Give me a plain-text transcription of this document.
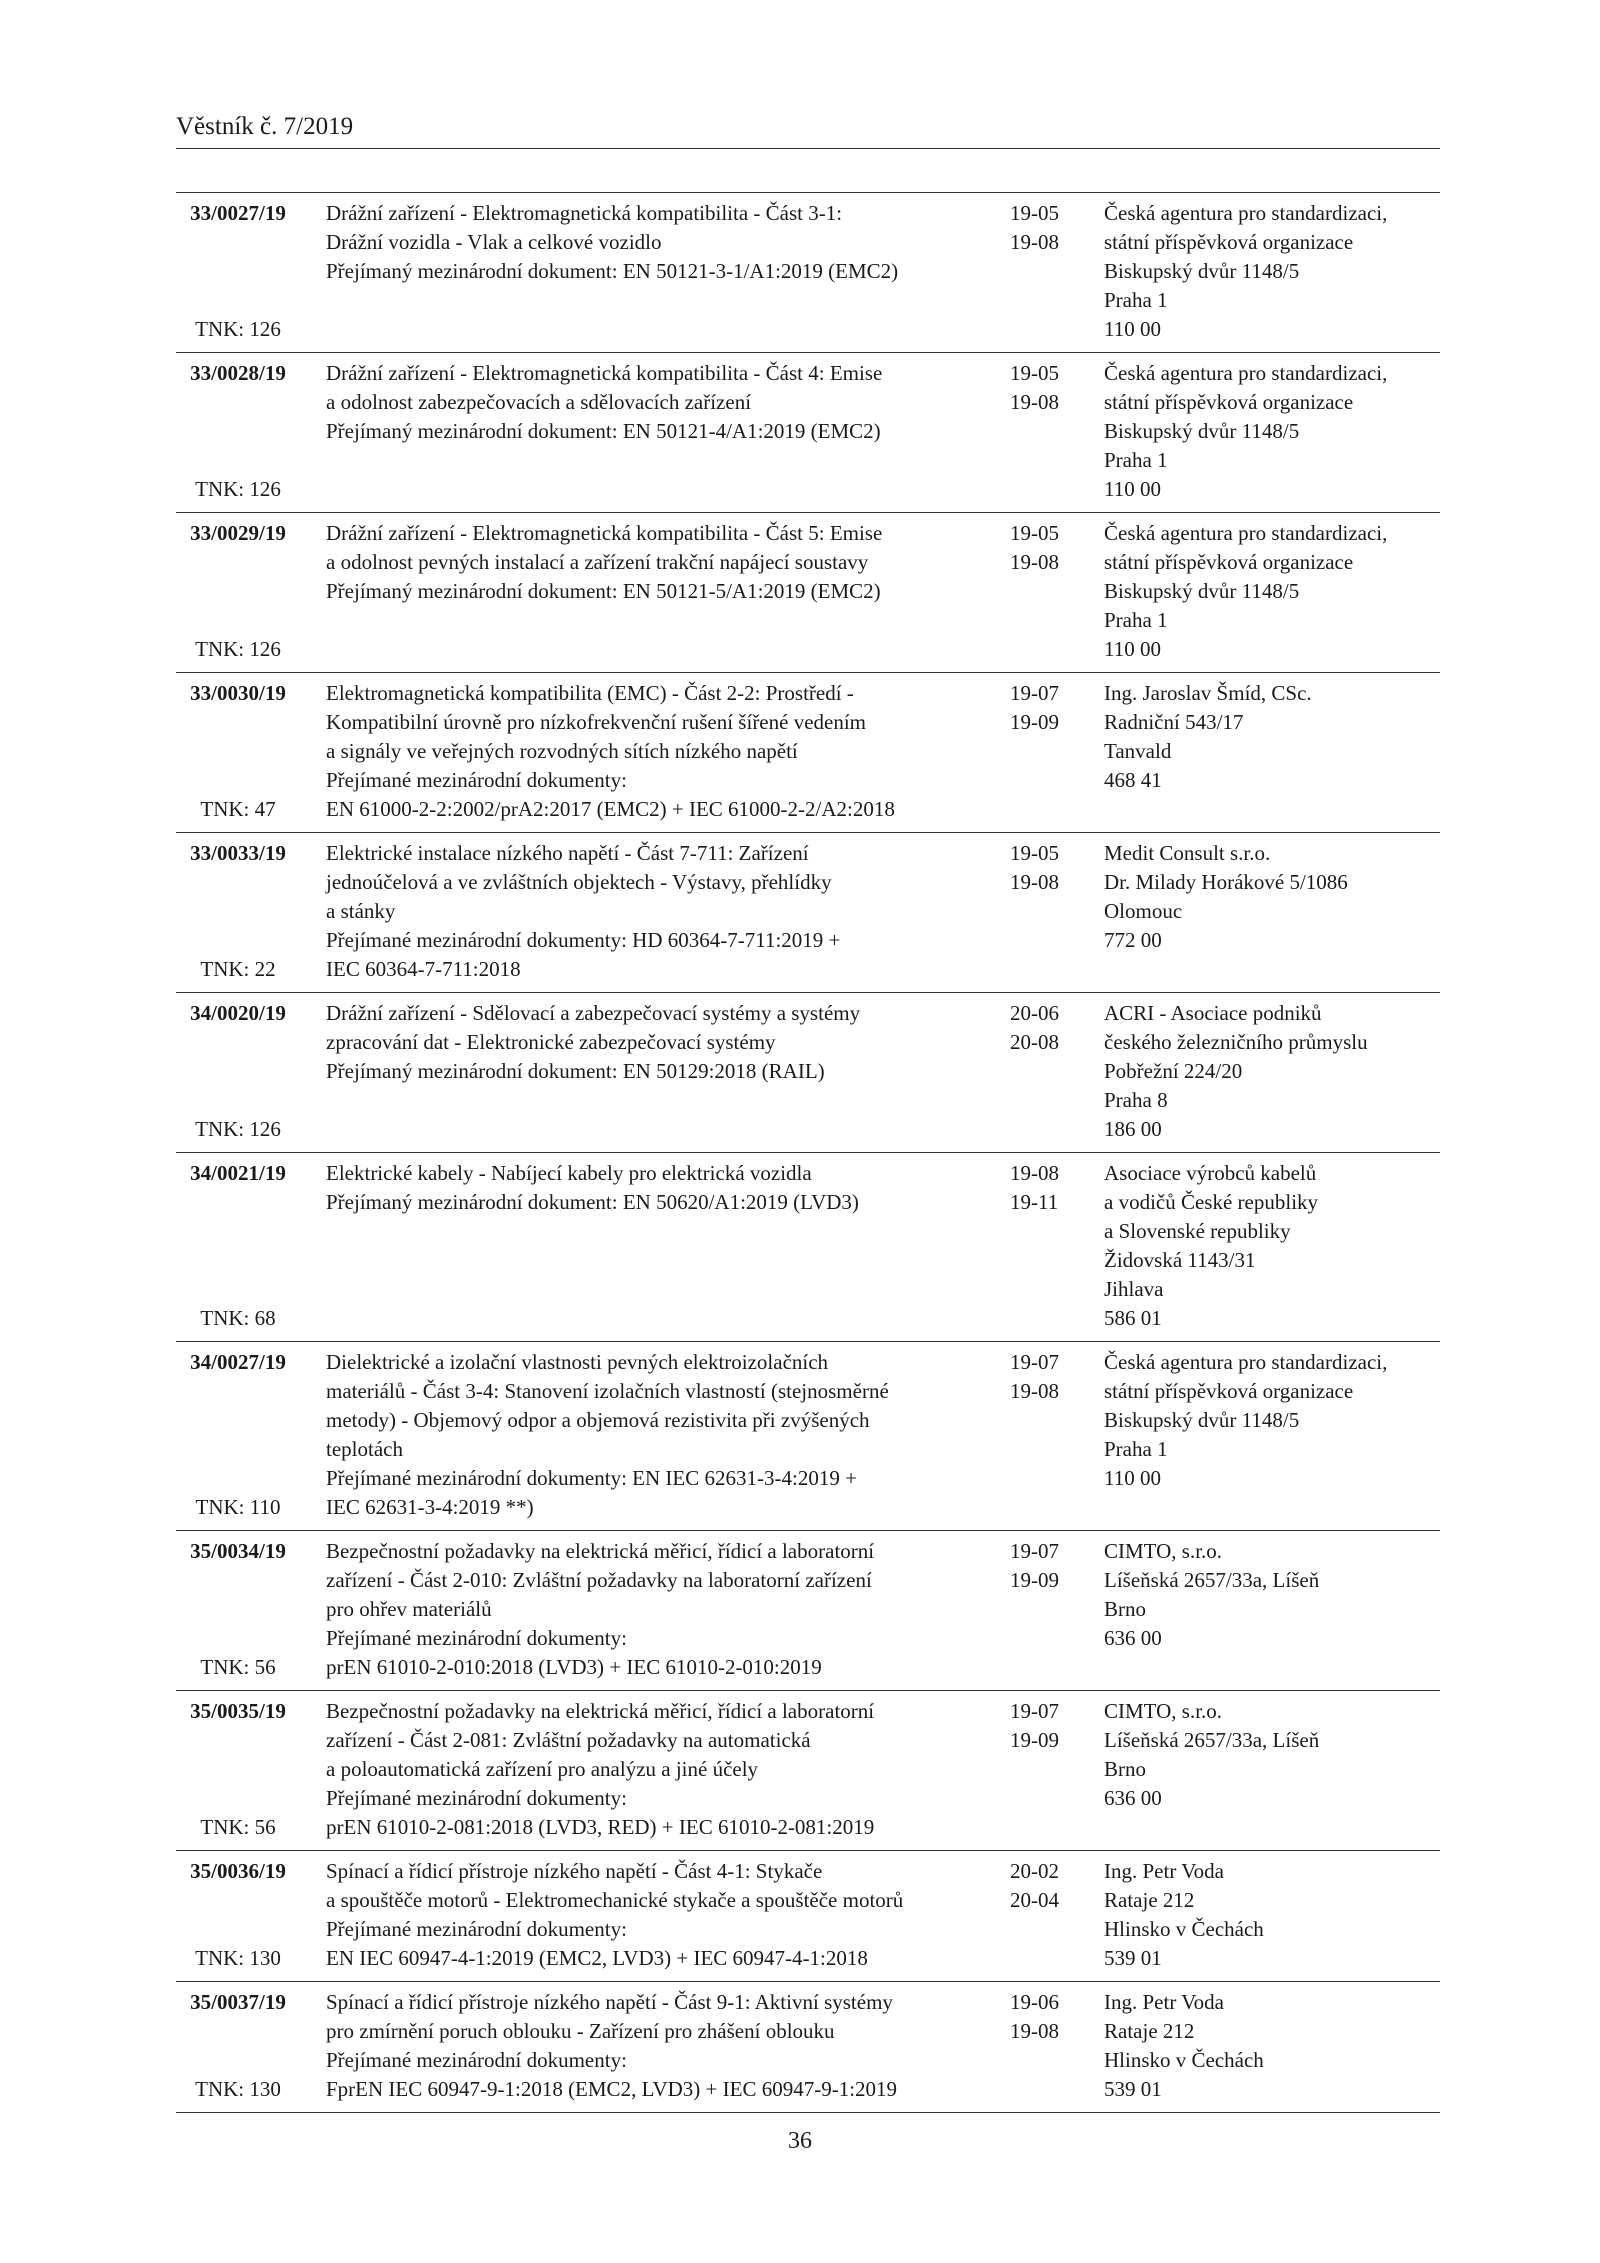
Věstník č. 7/2019
33/0027/19
TNK: 126
Drážní zařízení - Elektromagnetická kompatibilita - Část 3-1:
Drážní vozidla - Vlak a celkové vozidlo
Přejímaný mezinárodní dokument: EN 50121-3-1/A1:2019 (EMC2)
19-05
19-08
Česká agentura pro standardizaci,
státní příspěvková organizace
Biskupský dvůr 1148/5
Praha 1
110 00
33/0028/19
TNK: 126
Drážní zařízení - Elektromagnetická kompatibilita - Část 4: Emise
a odolnost zabezpečovacích a sdělovacích zařízení
Přejímaný mezinárodní dokument: EN 50121-4/A1:2019 (EMC2)
19-05
19-08
Česká agentura pro standardizaci,
státní příspěvková organizace
Biskupský dvůr 1148/5
Praha 1
110 00
33/0029/19
TNK: 126
Drážní zařízení - Elektromagnetická kompatibilita - Část 5: Emise
a odolnost pevných instalací a zařízení trakční napájecí soustavy
Přejímaný mezinárodní dokument: EN 50121-5/A1:2019 (EMC2)
19-05
19-08
Česká agentura pro standardizaci,
státní příspěvková organizace
Biskupský dvůr 1148/5
Praha 1
110 00
33/0030/19
TNK: 47
Elektromagnetická kompatibilita (EMC) - Část 2-2: Prostředí -
Kompatibilní úrovně pro nízkofrekvenční rušení šířené vedením
a signály ve veřejných rozvodných sítích nízkého napětí
Přejímané mezinárodní dokumenty:
EN 61000-2-2:2002/prA2:2017 (EMC2) + IEC 61000-2-2/A2:2018
19-07
19-09
Ing. Jaroslav Šmíd, CSc.
Radniční 543/17
Tanvald
468 41
33/0033/19
TNK: 22
Elektrické instalace nízkého napětí - Část 7-711: Zařízení
jednoúčelová a ve zvláštních objektech - Výstavy, přehlídky
a stánky
Přejímané mezinárodní dokumenty: HD 60364-7-711:2019 +
IEC 60364-7-711:2018
19-05
19-08
Medit Consult s.r.o.
Dr. Milady Horákové 5/1086
Olomouc
772 00
34/0020/19
TNK: 126
Drážní zařízení - Sdělovací a zabezpečovací systémy a systémy
zpracování dat - Elektronické zabezpečovací systémy
Přejímaný mezinárodní dokument: EN 50129:2018 (RAIL)
20-06
20-08
ACRI - Asociace podniků
českého železničního průmyslu
Pobřežní 224/20
Praha 8
186 00
34/0021/19
TNK: 68
Elektrické kabely - Nabíjecí kabely pro elektrická vozidla
Přejímaný mezinárodní dokument: EN 50620/A1:2019 (LVD3)
19-08
19-11
Asociace výrobců kabelů
a vodičů České republiky
a Slovenské republiky
Židovská 1143/31
Jihlava
586 01
34/0027/19
TNK: 110
Dielektrické a izolační vlastnosti pevných elektroizolačních
materiálů - Část 3-4: Stanovení izolačních vlastností (stejnosměrné
metody) - Objemový odpor a objemová rezistivita při zvýšených
teplotách
Přejímané mezinárodní dokumenty: EN IEC 62631-3-4:2019 +
IEC 62631-3-4:2019 **)
19-07
19-08
Česká agentura pro standardizaci,
státní příspěvková organizace
Biskupský dvůr 1148/5
Praha 1
110 00
35/0034/19
TNK: 56
Bezpečnostní požadavky na elektrická měřicí, řídicí a laboratorní
zařízení - Část 2-010: Zvláštní požadavky na laboratorní zařízení
pro ohřev materiálů
Přejímané mezinárodní dokumenty:
prEN 61010-2-010:2018 (LVD3) + IEC 61010-2-010:2019
19-07
19-09
CIMTO, s.r.o.
Líšeňská 2657/33a, Líšeň
Brno
636 00
35/0035/19
TNK: 56
Bezpečnostní požadavky na elektrická měřicí, řídicí a laboratorní
zařízení - Část 2-081: Zvláštní požadavky na automatická
a poloautomatická zařízení pro analýzu a jiné účely
Přejímané mezinárodní dokumenty:
prEN 61010-2-081:2018 (LVD3, RED) + IEC 61010-2-081:2019
19-07
19-09
CIMTO, s.r.o.
Líšeňská 2657/33a, Líšeň
Brno
636 00
35/0036/19
TNK: 130
Spínací a řídicí přístroje nízkého napětí - Část 4-1: Stykače
a spouštěče motorů - Elektromechanické stykače a spouštěče motorů
Přejímané mezinárodní dokumenty:
EN IEC 60947-4-1:2019 (EMC2, LVD3) + IEC 60947-4-1:2018
20-02
20-04
Ing. Petr Voda
Rataje 212
Hlinsko v Čechách
539 01
35/0037/19
TNK: 130
Spínací a řídicí přístroje nízkého napětí - Část 9-1: Aktivní systémy
pro zmírnění poruch oblouku - Zařízení pro zhášení oblouku
Přejímané mezinárodní dokumenty:
FprEN IEC 60947-9-1:2018 (EMC2, LVD3) + IEC 60947-9-1:2019
19-06
19-08
Ing. Petr Voda
Rataje 212
Hlinsko v Čechách
539 01
36
